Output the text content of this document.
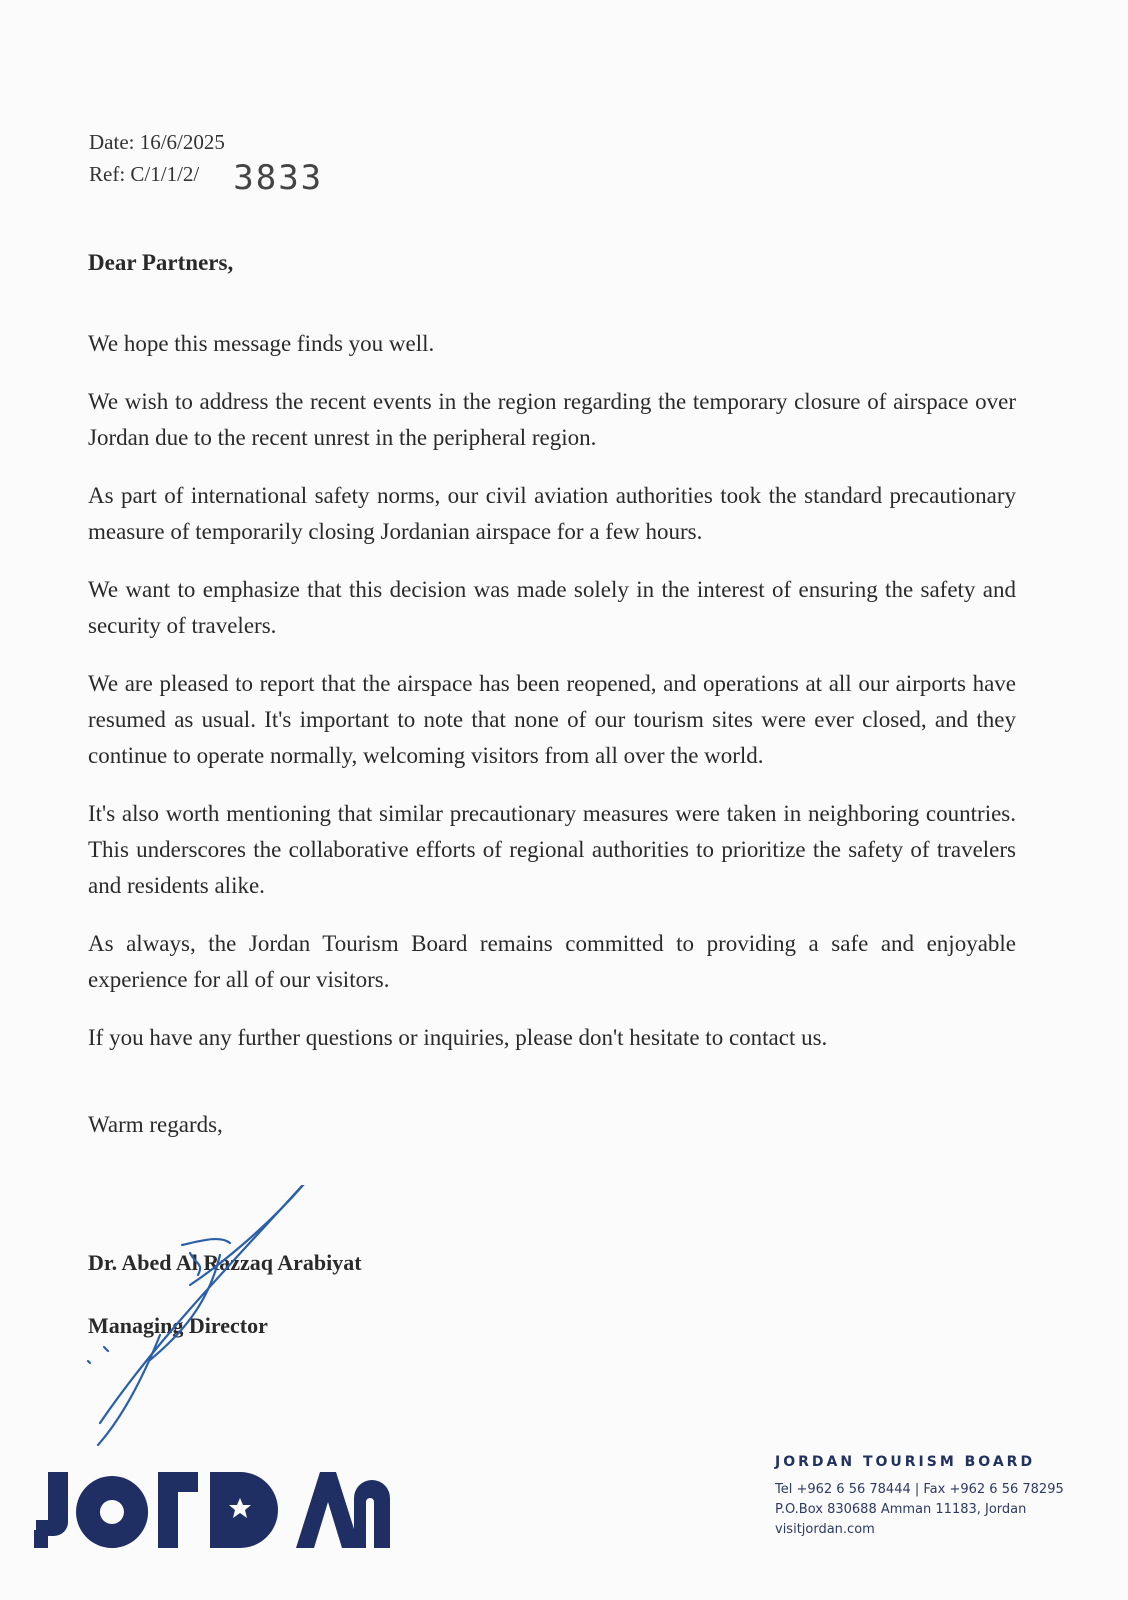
Date: 16/6/2025
Ref: C/1/1/2/ 3833
Dear Partners,

We hope this message finds you well.

We wish to address the recent events in the region regarding the temporary closure of airspace over Jordan due to the recent unrest in the peripheral region.

As part of international safety norms, our civil aviation authorities took the standard precautionary measure of temporarily closing Jordanian airspace for a few hours.

We want to emphasize that this decision was made solely in the interest of ensuring the safety and security of travelers.

We are pleased to report that the airspace has been reopened, and operations at all our airports have resumed as usual. It's important to note that none of our tourism sites were ever closed, and they continue to operate normally, welcoming visitors from all over the world.

It's also worth mentioning that similar precautionary measures were taken in neighboring countries. This underscores the collaborative efforts of regional authorities to prioritize the safety of travelers and residents alike.

As always, the Jordan Tourism Board remains committed to providing a safe and enjoyable experience for all of our visitors.

If you have any further questions or inquiries, please don't hesitate to contact us.

Warm regards,
Dr. Abed Al Razzaq Arabiyat
Managing Director
JORDAN TOURISM BOARD
Tel +962 6 56 78444 | Fax +962 6 56 78295
P.O.Box 830688 Amman 11183, Jordan
visitjordan.com
